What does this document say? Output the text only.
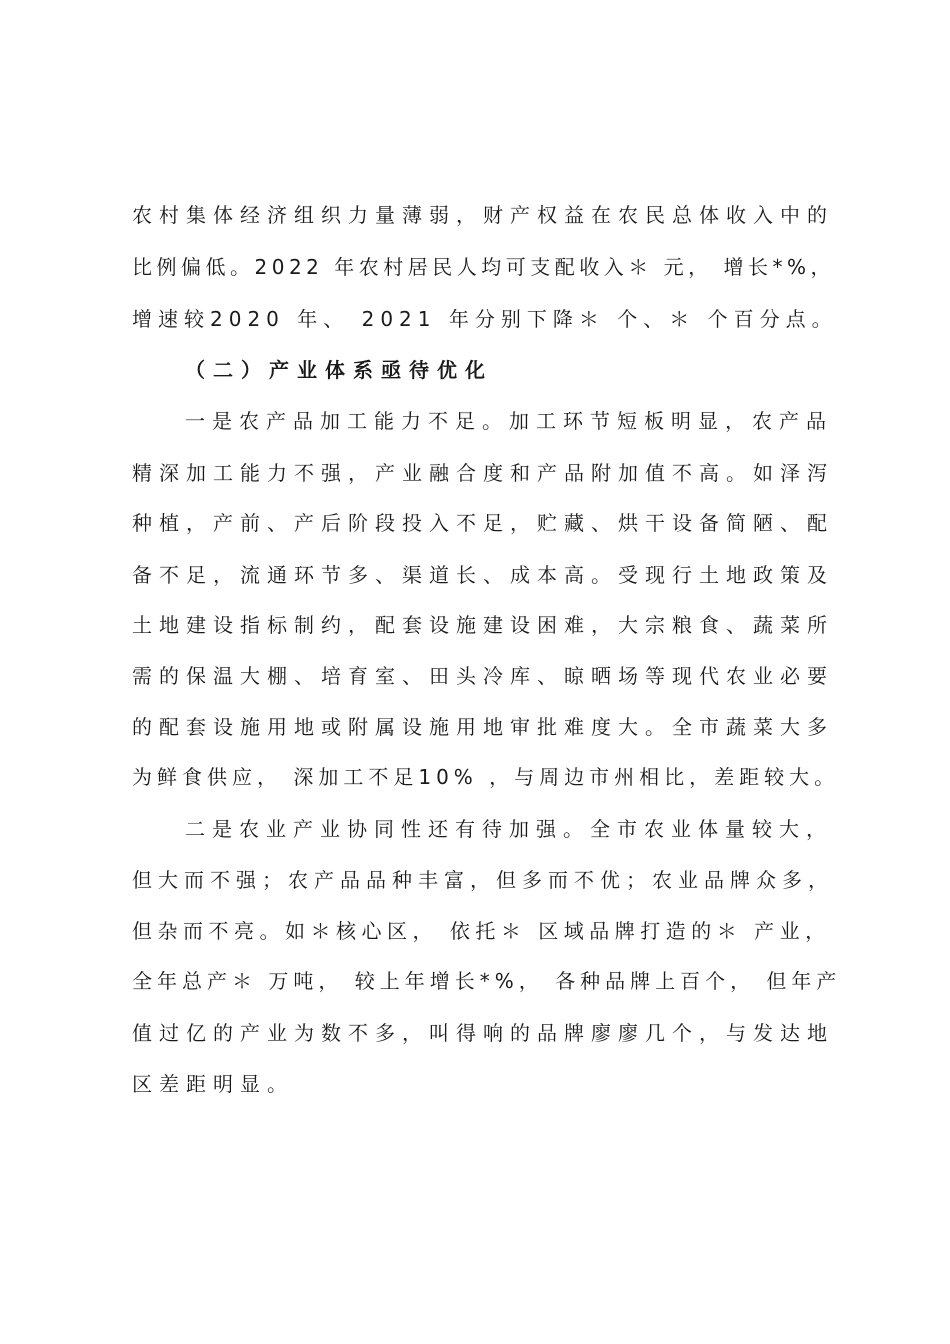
农村集体经济组织力量薄弱，财产权益在农民总体收入中的
比例偏低。2022 年农村居民人均可支配收入＊ 元， 增长*%，
增速较2020 年、 2021 年分别下降＊ 个、＊ 个百分点。
（二）产业体系亟待优化
一是农产品加工能力不足。加工环节短板明显，农产品
精深加工能力不强，产业融合度和产品附加值不高。如泽泻
种植，产前、产后阶段投入不足，贮藏、烘干设备简陋、配
备不足，流通环节多、渠道长、成本高。受现行土地政策及
土地建设指标制约，配套设施建设困难，大宗粮食、蔬菜所
需的保温大棚、培育室、田头冷库、晾晒场等现代农业必要
的配套设施用地或附属设施用地审批难度大。全市蔬菜大多
为鲜食供应， 深加工不足10% ，与周边市州相比，差距较大。
二是农业产业协同性还有待加强。全市农业体量较大，
但大而不强；农产品品种丰富，但多而不优；农业品牌众多，
但杂而不亮。如＊核心区， 依托＊ 区域品牌打造的＊ 产业，
全年总产＊ 万吨， 较上年增长*%， 各种品牌上百个， 但年产
值过亿的产业为数不多，叫得响的品牌廖廖几个，与发达地
区差距明显。
